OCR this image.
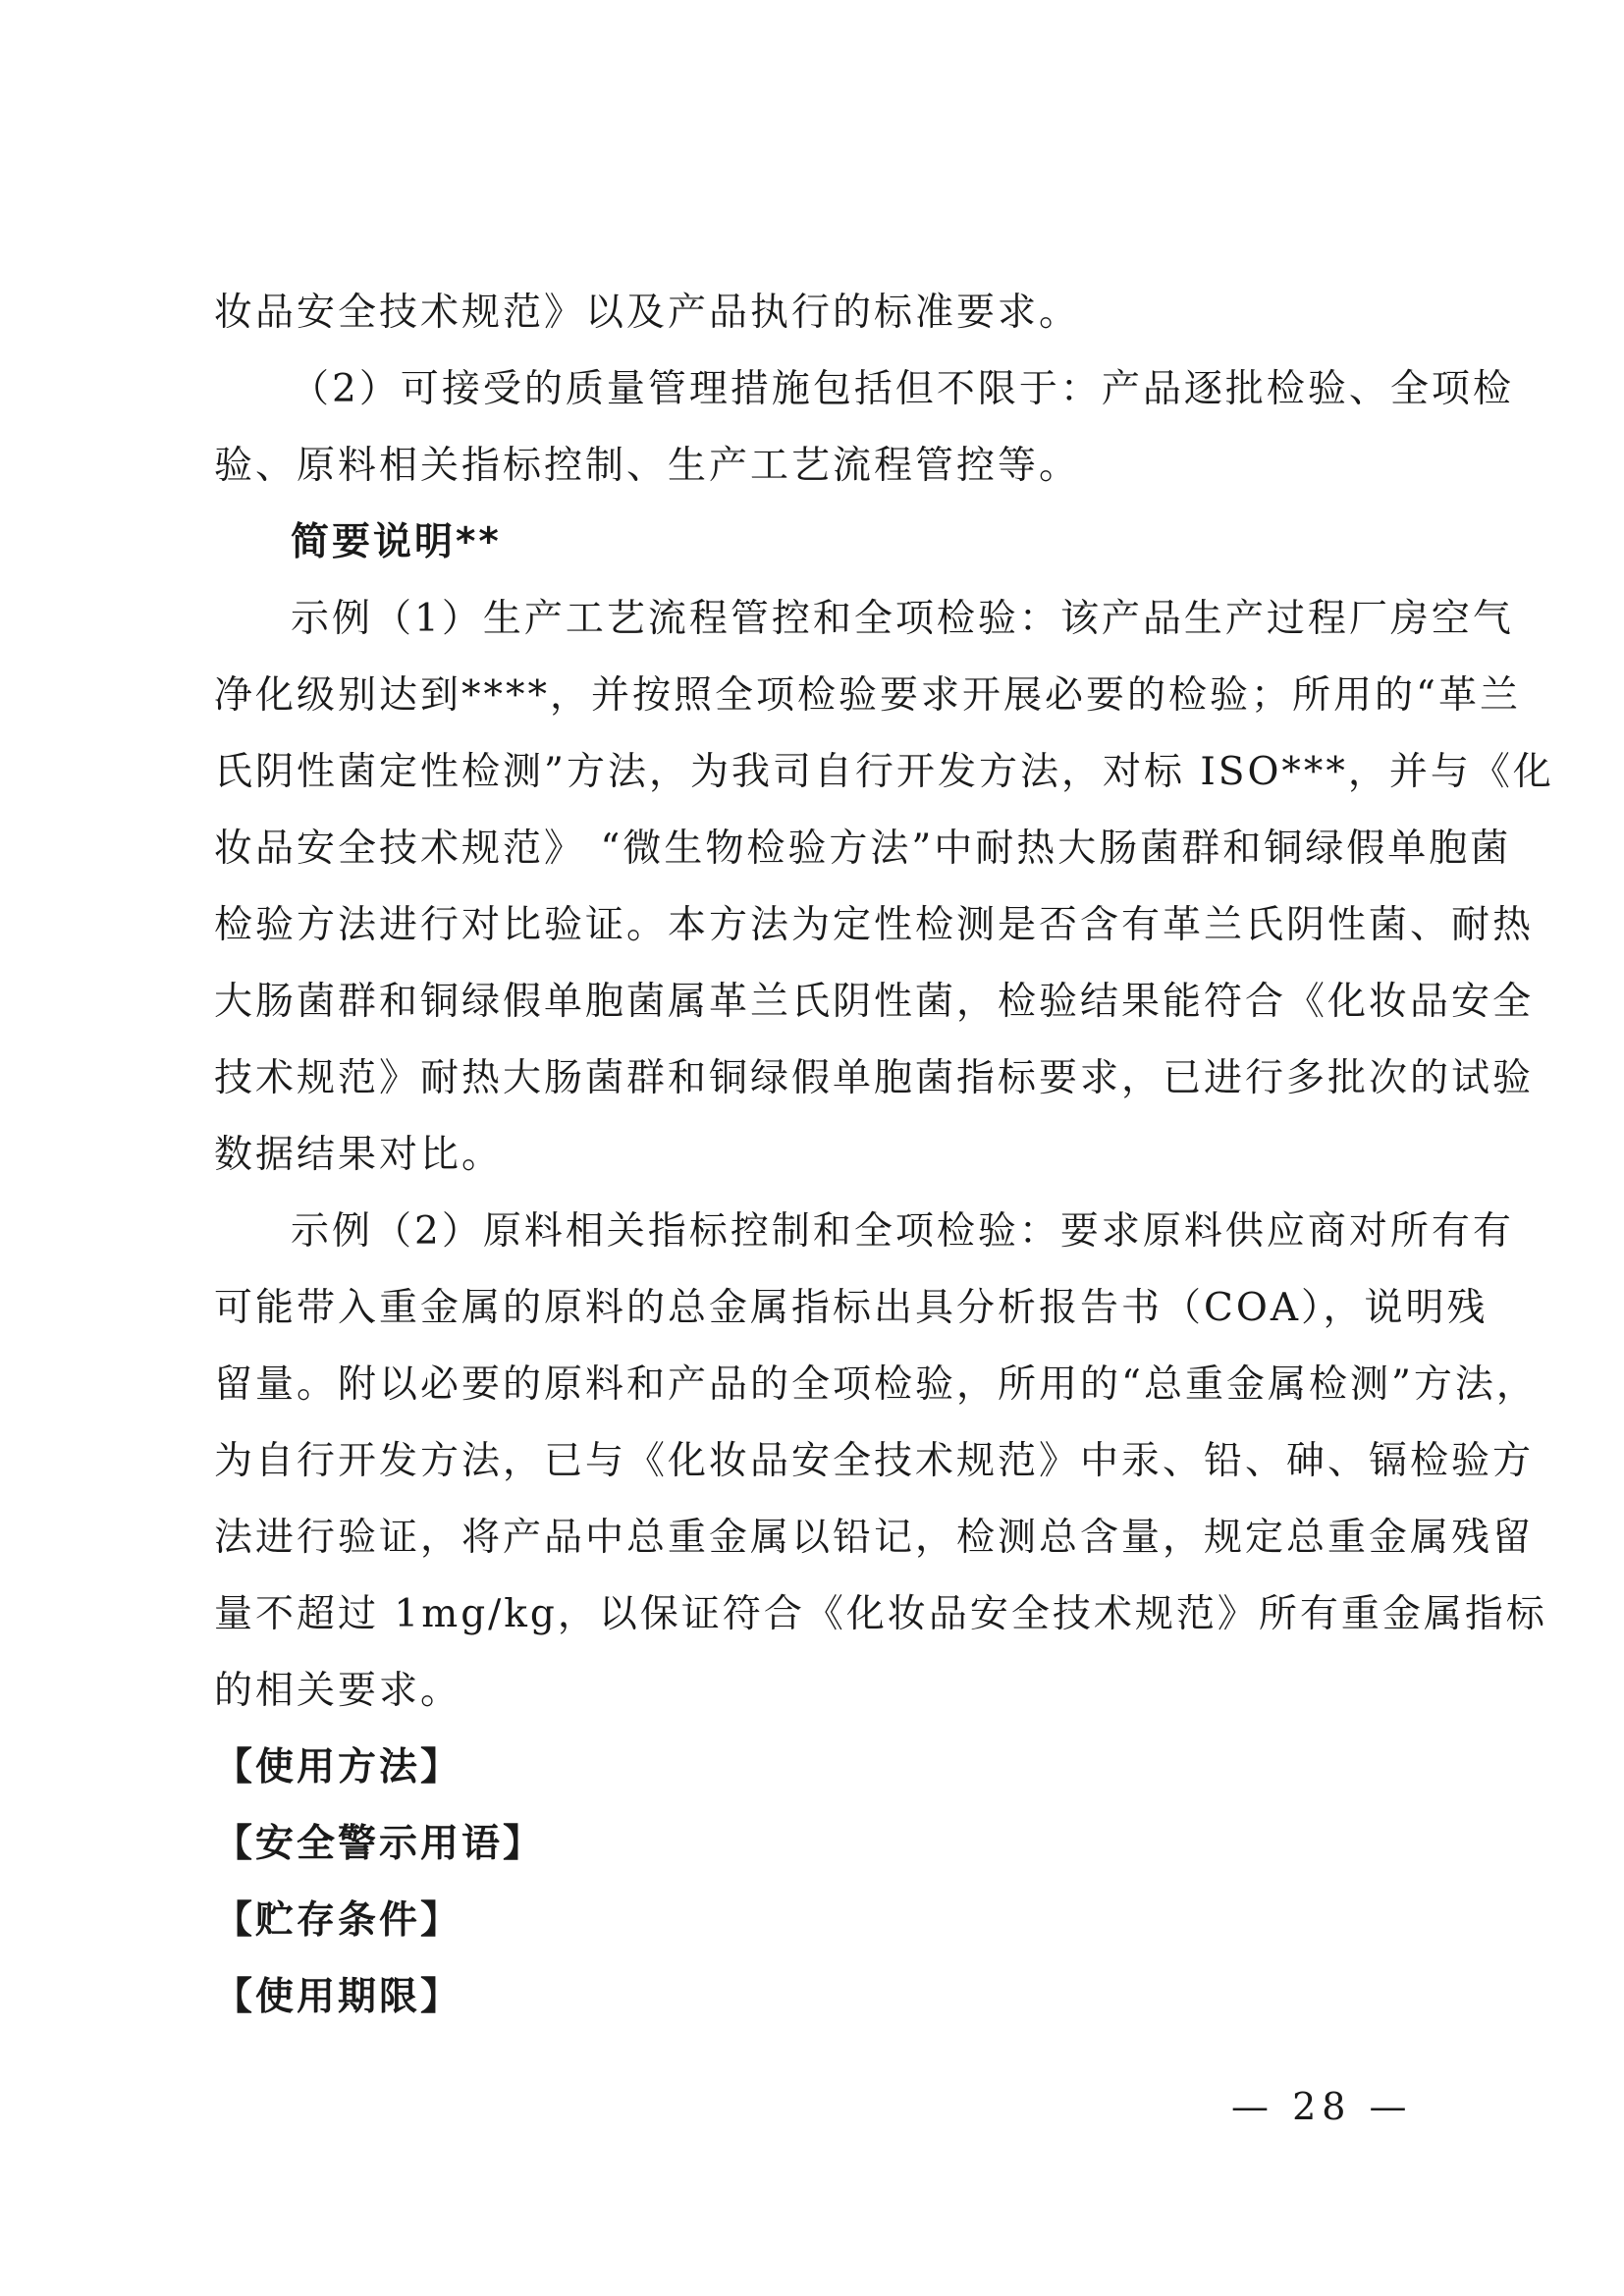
妆品安全技术规范》以及产品执行的标准要求。

（2）可接受的质量管理措施包括但不限于：产品逐批检验、全项检

验、原料相关指标控制、生产工艺流程管控等。

简要说明**

示例（1）生产工艺流程管控和全项检验：该产品生产过程厂房空气

净化级别达到****，并按照全项检验要求开展必要的检验；所用的“革兰

氏阴性菌定性检测”方法，为我司自行开发方法，对标 ISO***，并与《化

妆品安全技术规范》 “微生物检验方法”中耐热大肠菌群和铜绿假单胞菌

检验方法进行对比验证。本方法为定性检测是否含有革兰氏阴性菌、耐热

大肠菌群和铜绿假单胞菌属革兰氏阴性菌，检验结果能符合《化妆品安全

技术规范》耐热大肠菌群和铜绿假单胞菌指标要求，已进行多批次的试验

数据结果对比。

示例（2）原料相关指标控制和全项检验：要求原料供应商对所有有

可能带入重金属的原料的总金属指标出具分析报告书（COA），说明残

留量。附以必要的原料和产品的全项检验，所用的“总重金属检测”方法，

为自行开发方法，已与《化妆品安全技术规范》中汞、铅、砷、镉检验方

法进行验证，将产品中总重金属以铅记，检测总含量，规定总重金属残留

量不超过 1mg/kg，以保证符合《化妆品安全技术规范》所有重金属指标

的相关要求。

【使用方法】

【安全警示用语】

【贮存条件】

【使用期限】

— 28 —
